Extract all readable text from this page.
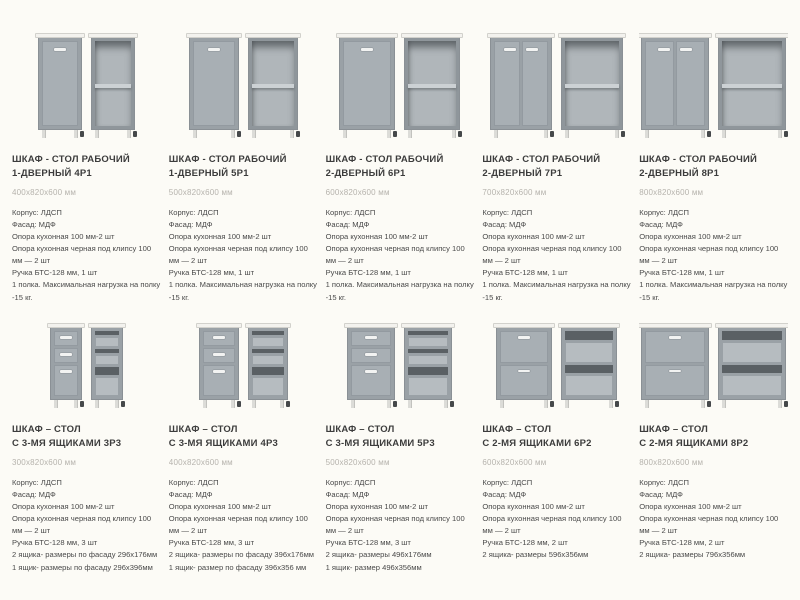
ШКАФ - СТОЛ РАБОЧИЙ
1-ДВЕРНЫЙ 4Р1
400х820х600 мм
Корпус: ЛДСП
Фасад: МДФ
Опора кухонная 100 мм-2 шт
Опора кухонная черная под клипсу 100 мм — 2 шт
Ручка БТС-128 мм, 1 шт
1 полка. Максимальная нагрузка на полку -15 кг.
ШКАФ - СТОЛ РАБОЧИЙ
1-ДВЕРНЫЙ 5Р1
500х820х600 мм
Корпус: ЛДСП
Фасад: МДФ
Опора кухонная 100 мм-2 шт
Опора кухонная черная под клипсу 100 мм — 2 шт
Ручка БТС-128 мм, 1 шт
1 полка. Максимальная нагрузка на полку -15 кг.
ШКАФ - СТОЛ РАБОЧИЙ
2-ДВЕРНЫЙ 6Р1
600х820х600 мм
Корпус: ЛДСП
Фасад: МДФ
Опора кухонная 100 мм-2 шт
Опора кухонная черная под клипсу 100 мм — 2 шт
Ручка БТС-128 мм, 1 шт
1 полка. Максимальная нагрузка на полку -15 кг.
ШКАФ - СТОЛ РАБОЧИЙ
2-ДВЕРНЫЙ 7Р1
700х820х600 мм
Корпус: ЛДСП
Фасад: МДФ
Опора кухонная 100 мм-2 шт
Опора кухонная черная под клипсу 100 мм — 2 шт
Ручка БТС-128 мм, 1 шт
1 полка. Максимальная нагрузка на полку -15 кг.
ШКАФ - СТОЛ РАБОЧИЙ
2-ДВЕРНЫЙ 8Р1
800х820х600 мм
Корпус: ЛДСП
Фасад: МДФ
Опора кухонная 100 мм-2 шт
Опора кухонная черная под клипсу 100 мм — 2 шт
Ручка БТС-128 мм, 1 шт
1 полка. Максимальная нагрузка на полку -15 кг.
ШКАФ – СТОЛ
С 3-МЯ ЯЩИКАМИ 3Р3
300х820х600 мм
Корпус: ЛДСП
Фасад: МДФ
Опора кухонная 100 мм-2 шт
Опора кухонная черная под клипсу 100 мм — 2 шт
Ручка БТС-128 мм, 3 шт
2 ящика- размеры по фасаду 296х176мм
1 ящик- размеры по фасаду 296х396мм
ШКАФ – СТОЛ
С 3-МЯ ЯЩИКАМИ 4Р3
400х820х600 мм
Корпус: ЛДСП
Фасад: МДФ
Опора кухонная 100 мм-2 шт
Опора кухонная черная под клипсу 100 мм — 2 шт
Ручка БТС-128 мм, 3 шт
2 ящика- размеры по фасаду 396х176мм
1 ящик- размер по фасаду 396х356 мм
ШКАФ – СТОЛ
С 3-МЯ ЯЩИКАМИ 5Р3
500х820х600 мм
Корпус: ЛДСП
Фасад: МДФ
Опора кухонная 100 мм-2 шт
Опора кухонная черная под клипсу 100 мм — 2 шт
Ручка БТС-128 мм, 3 шт
2 ящика- размеры 496х176мм
1 ящик- размер 496х356мм
ШКАФ – СТОЛ
С 2-МЯ ЯЩИКАМИ 6Р2
600х820х600 мм
Корпус: ЛДСП
Фасад: МДФ
Опора кухонная 100 мм-2 шт
Опора кухонная черная под клипсу 100 мм — 2 шт
Ручка БТС-128 мм, 2 шт
2 ящика- размеры 596х356мм
ШКАФ – СТОЛ
С 2-МЯ ЯЩИКАМИ 8Р2
800х820х600 мм
Корпус: ЛДСП
Фасад: МДФ
Опора кухонная 100 мм-2 шт
Опора кухонная черная под клипсу 100 мм — 2 шт
Ручка БТС-128 мм, 2 шт
2 ящика- размеры 796х356мм
